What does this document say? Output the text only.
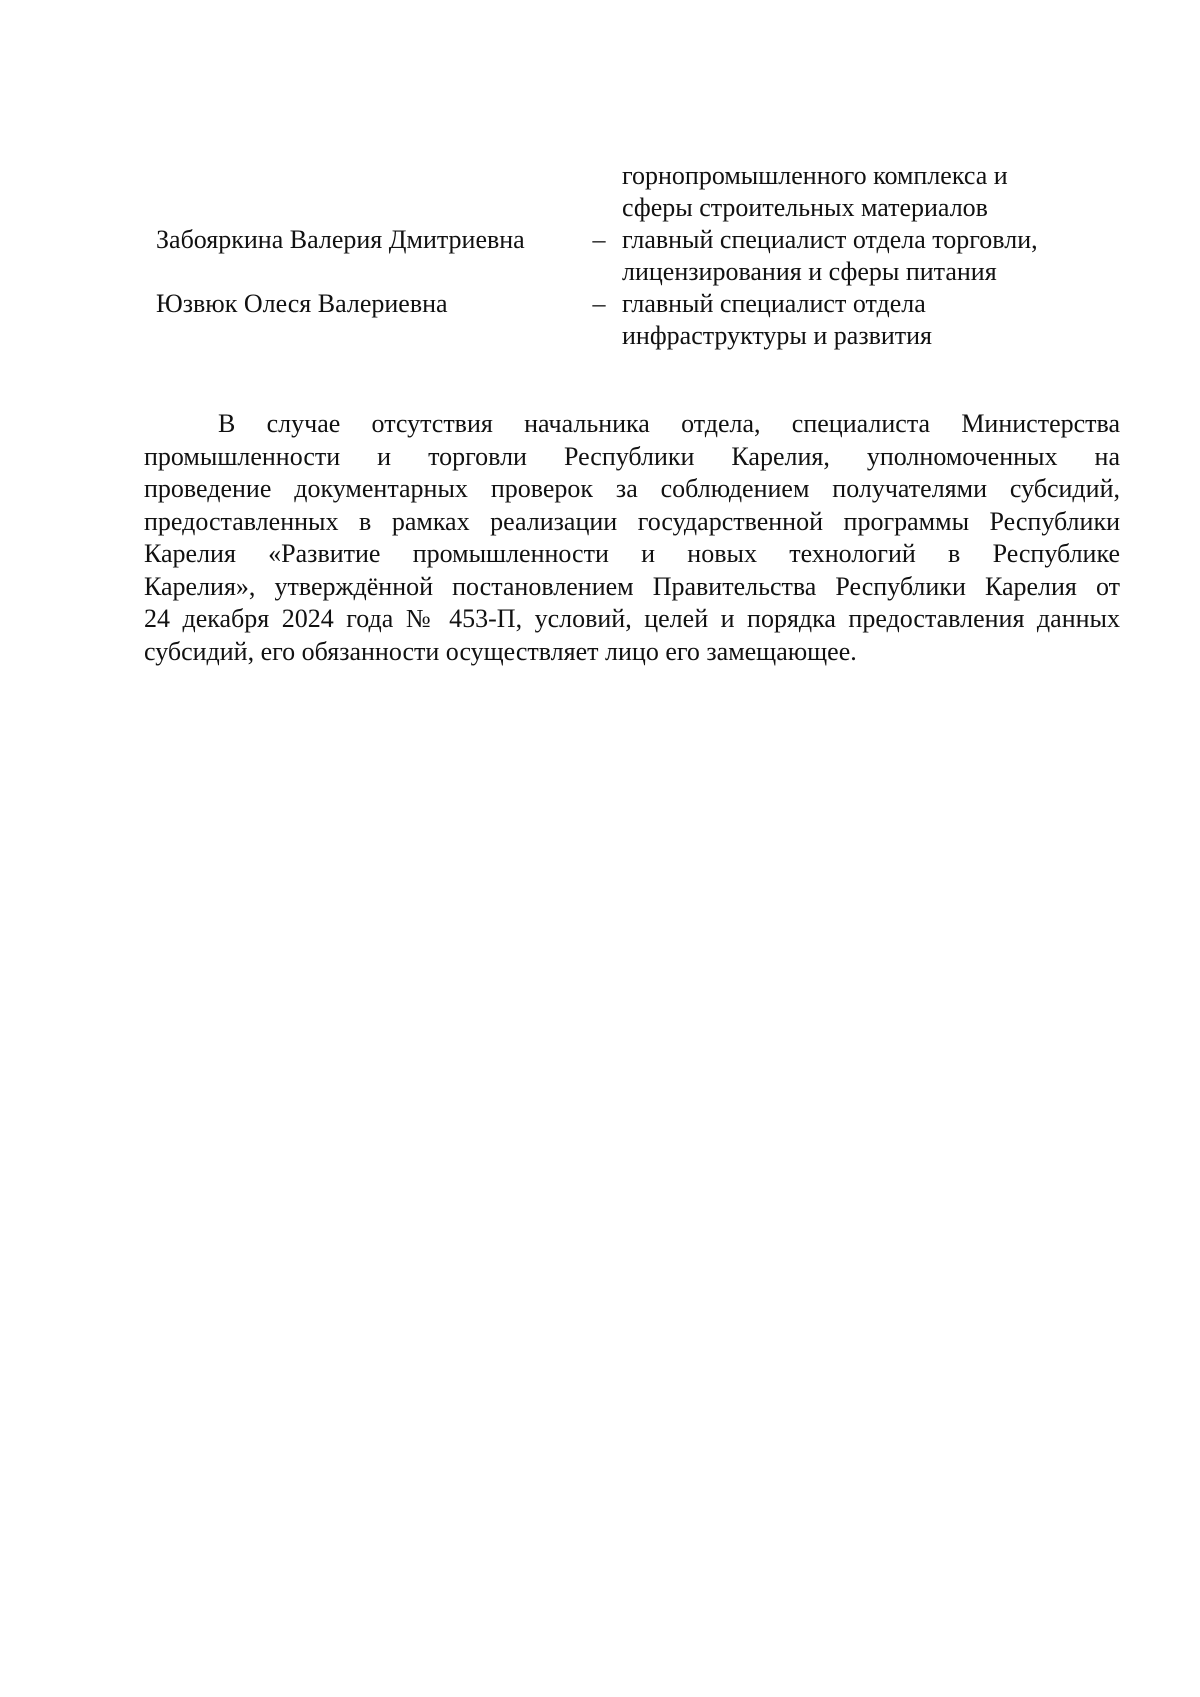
горнопромышленного комплекса и
сферы строительных материалов
Забояркина Валерия Дмитриевна	– главный специалист отдела торговли,
лицензирования и сферы питания
Юзвюк Олеся Валериевна	– главный специалист отдела
инфраструктуры и развития
В случае отсутствия начальника отдела, специалиста Министерства
промышленности и торговли Республики Карелия, уполномоченных на
проведение документарных проверок за соблюдением получателями субсидий,
предоставленных в рамках реализации государственной программы Республики
Карелия «Развитие промышленности и новых технологий в Республике
Карелия», утверждённой постановлением Правительства Республики Карелия от
24 декабря 2024 года № 453-П, условий, целей и порядка предоставления данных
субсидий, его обязанности осуществляет лицо его замещающее.
